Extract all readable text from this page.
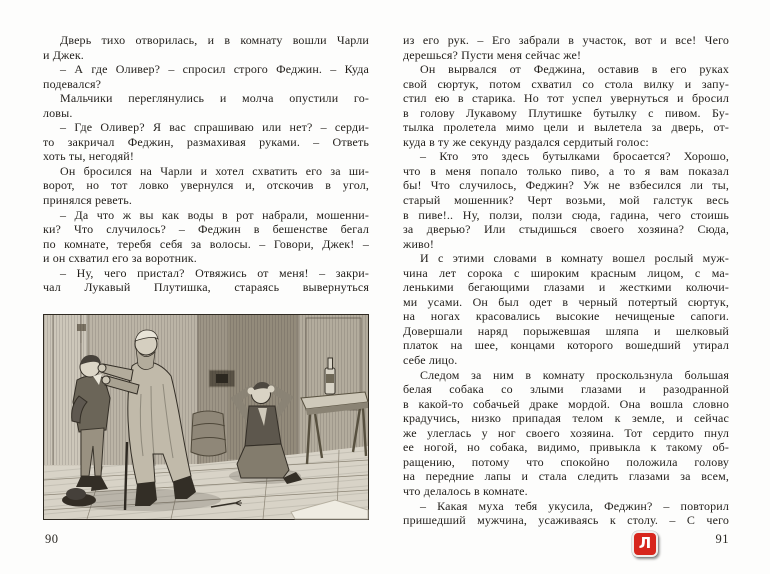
Дверь тихо отворилась, и в комнату вошли Чарли
и Джек.
– А где Оливер? – спросил строго Феджин. – Куда
подевался?
Мальчики переглянулись и молча опустили го-
ловы.
– Где Оливер? Я вас спрашиваю или нет? – серди-
то закричал Феджин, размахивая руками. – Ответь
хоть ты, негодяй!
Он бросился на Чарли и хотел схватить его за ши-
ворот, но тот ловко увернулся и, отскочив в угол,
принялся реветь.
– Да что ж вы как воды в рот набрали, мошенни-
ки? Что случилось? – Феджин в бешенстве бегал
по комнате, теребя себя за волосы. – Говори, Джек! –
и он схватил его за воротник.
– Ну, чего пристал? Отвяжись от меня! – закри-
чал Лукавый Плутишка, стараясь вывернуться
90
из его рук. – Его забрали в участок, вот и все! Чего
дерешься? Пусти меня сейчас же!
Он вырвался от Феджина, оставив в его руках
свой сюртук, потом схватил со стола вилку и запу-
стил ею в старика. Но тот успел увернуться и бросил
в голову Лукавому Плутишке бутылку с пивом. Бу-
тылка пролетела мимо цели и вылетела за дверь, от-
куда в ту же секунду раздался сердитый голос:
– Кто это здесь бутылками бросается? Хорошо,
что в меня попало только пиво, а то я вам показал
бы! Что случилось, Феджин? Уж не взбесился ли ты,
старый мошенник? Черт возьми, мой галстук весь
в пиве!.. Ну, ползи, ползи сюда, гадина, чего стоишь
за дверью? Или стыдишься своего хозяина? Сюда,
живо!
И с этими словами в комнату вошел рослый муж-
чина лет сорока с широким красным лицом, с ма-
ленькими бегающими глазами и жесткими колючи-
ми усами. Он был одет в черный потертый сюртук,
на ногах красовались высокие нечищеные сапоги.
Довершали наряд порыжевшая шляпа и шелковый
платок на шее, концами которого вошедший утирал
себе лицо.
Следом за ним в комнату проскользнула большая
белая собака со злыми глазами и разодранной
в какой-то собачьей драке мордой. Она вошла словно
крадучись, низко припадая телом к земле, и сейчас
же улеглась у ног своего хозяина. Тот сердито пнул
ее ногой, но собака, видимо, привыкла к такому об-
ращению, потому что спокойно положила голову
на передние лапы и стала следить глазами за всем,
что делалось в комнате.
– Какая муха тебя укусила, Феджин? – повторил
пришедший мужчина, усаживаясь к столу. – С чего
91
Л
